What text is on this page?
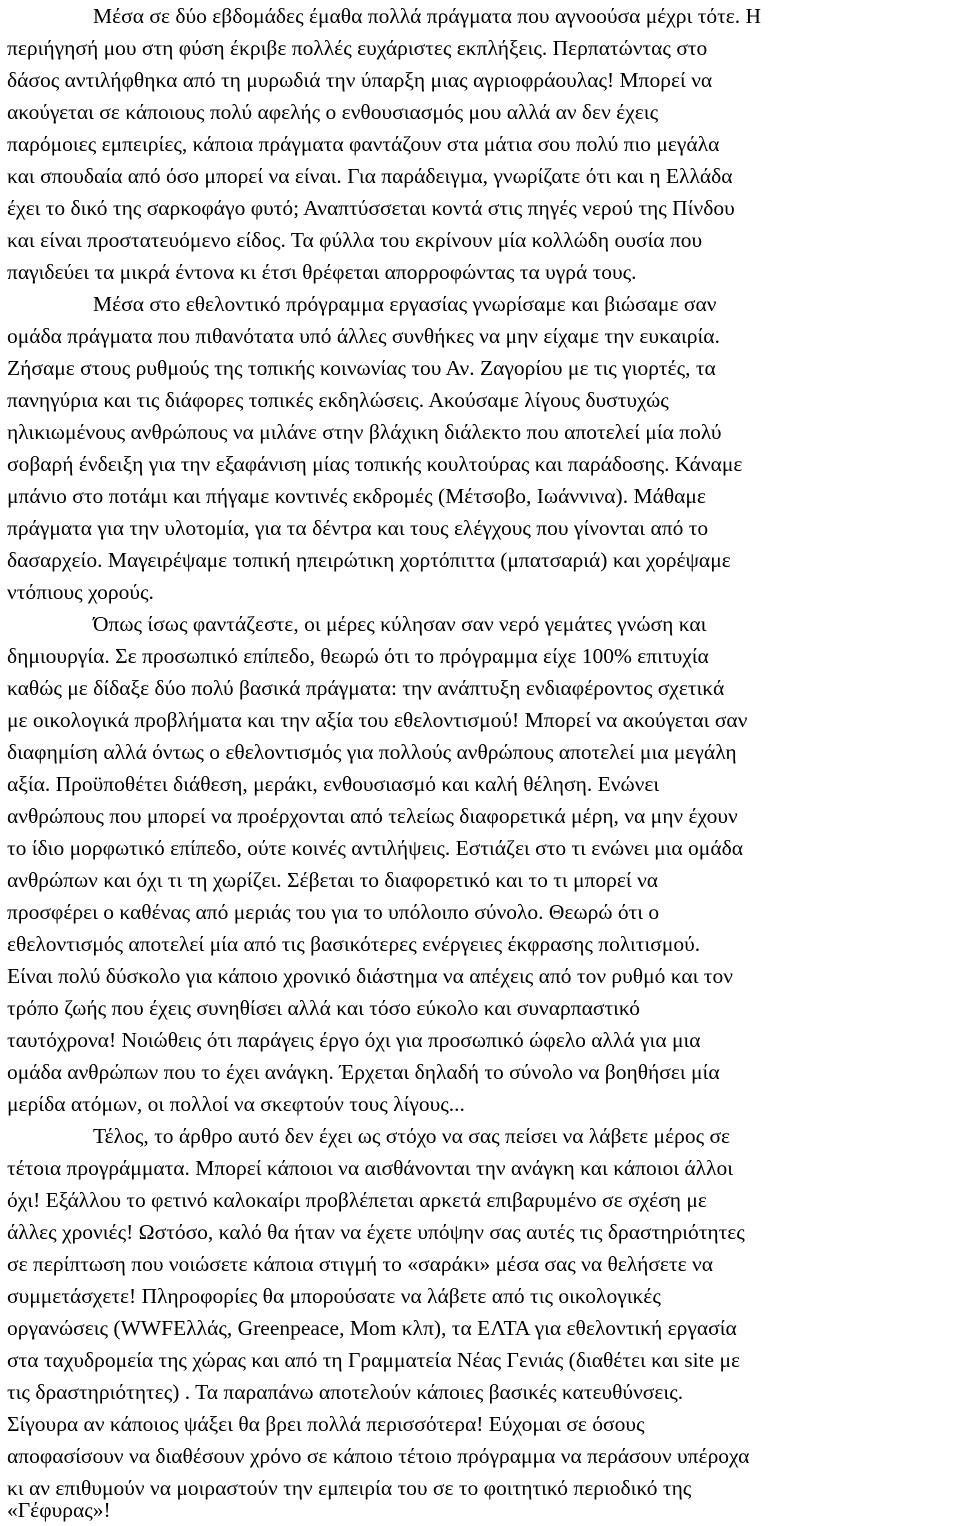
Μέσα σε δύο εβδομάδες έμαθα πολλά πράγματα που αγνοούσα μέχρι τότε. Η
περιήγησή μου στη φύση έκριβε πολλές ευχάριστες εκπλήξεις. Περπατώντας στο
δάσος αντιλήφθηκα από τη μυρωδιά την ύπαρξη μιας αγριοφράουλας! Μπορεί να
ακούγεται σε κάποιους πολύ αφελής ο ενθουσιασμός μου αλλά αν δεν έχεις
παρόμοιες εμπειρίες, κάποια πράγματα φαντάζουν στα μάτια σου πολύ πιο μεγάλα
και σπουδαία από όσο μπορεί να είναι. Για παράδειγμα, γνωρίζατε ότι και η Ελλάδα
έχει το δικό της σαρκοφάγο φυτό; Αναπτύσσεται κοντά στις πηγές νερού της Πίνδου
και είναι προστατευόμενο είδος. Τα φύλλα του εκρίνουν μία κολλώδη ουσία που
παγιδεύει τα μικρά έντονα κι έτσι θρέφεται απορροφώντας τα υγρά τους.
Μέσα στο εθελοντικό πρόγραμμα εργασίας γνωρίσαμε και βιώσαμε σαν
ομάδα πράγματα που πιθανότατα υπό άλλες συνθήκες να μην είχαμε την ευκαιρία.
Ζήσαμε στους ρυθμούς της τοπικής κοινωνίας του Αν. Ζαγορίου με τις γιορτές, τα
πανηγύρια και τις διάφορες τοπικές εκδηλώσεις. Ακούσαμε λίγους δυστυχώς
ηλικιωμένους ανθρώπους να μιλάνε στην βλάχικη διάλεκτο που αποτελεί μία πολύ
σοβαρή ένδειξη για την εξαφάνιση μίας τοπικής κουλτούρας και παράδοσης. Κάναμε
μπάνιο στο ποτάμι και πήγαμε κοντινές εκδρομές (Μέτσοβο, Ιωάννινα). Μάθαμε
πράγματα για την υλοτομία, για τα δέντρα και τους ελέγχους που γίνονται από το
δασαρχείο. Μαγειρέψαμε τοπική ηπειρώτικη χορτόπιττα (μπατσαριά) και χορέψαμε
ντόπιους χορούς.
Όπως ίσως φαντάζεστε, οι μέρες κύλησαν σαν νερό γεμάτες γνώση και
δημιουργία. Σε προσωπικό επίπεδο, θεωρώ ότι το πρόγραμμα είχε 100% επιτυχία
καθώς με δίδαξε δύο πολύ βασικά πράγματα: την ανάπτυξη ενδιαφέροντος σχετικά
με οικολογικά προβλήματα και την αξία του εθελοντισμού! Μπορεί να ακούγεται σαν
διαφημίση αλλά όντως ο εθελοντισμός για πολλούς ανθρώπους αποτελεί μια μεγάλη
αξία. Προϋποθέτει διάθεση, μεράκι, ενθουσιασμό και καλή θέληση. Ενώνει
ανθρώπους που μπορεί να προέρχονται από τελείως διαφορετικά μέρη, να μην έχουν
το ίδιο μορφωτικό επίπεδο, ούτε κοινές αντιλήψεις. Εστιάζει στο τι ενώνει μια ομάδα
ανθρώπων και όχι τι τη χωρίζει. Σέβεται το διαφορετικό και το τι μπορεί να
προσφέρει ο καθένας από μεριάς του για το υπόλοιπο σύνολο. Θεωρώ ότι ο
εθελοντισμός αποτελεί μία από τις βασικότερες ενέργειες έκφρασης πολιτισμού.
Είναι πολύ δύσκολο για κάποιο χρονικό διάστημα να απέχεις από τον ρυθμό και τον
τρόπο ζωής που έχεις συνηθίσει αλλά και τόσο εύκολο και συναρπαστικό
ταυτόχρονα! Νοιώθεις ότι παράγεις έργο όχι για προσωπικό ώφελο αλλά για μια
ομάδα ανθρώπων που το έχει ανάγκη. Έρχεται δηλαδή το σύνολο να βοηθήσει μία
μερίδα ατόμων, οι πολλοί να σκεφτούν τους λίγους...
Τέλος, το άρθρο αυτό δεν έχει ως στόχο να σας πείσει να λάβετε μέρος σε
τέτοια προγράμματα. Μπορεί κάποιοι να αισθάνονται την ανάγκη και κάποιοι άλλοι
όχι! Εξάλλου το φετινό καλοκαίρι προβλέπεται αρκετά επιβαρυμένο σε σχέση με
άλλες χρονιές! Ωστόσο, καλό θα ήταν να έχετε υπόψην σας αυτές τις δραστηριότητες
σε περίπτωση που νοιώσετε κάποια στιγμή το «σαράκι» μέσα σας να θελήσετε να
συμμετάσχετε! Πληροφορίες θα μπορούσατε να λάβετε από τις οικολογικές
οργανώσεις (WWFΕλλάς, Greenpeace, Mom κλπ), τα ΕΛΤΑ για εθελοντική εργασία
στα ταχυδρομεία της χώρας και από τη Γραμματεία Νέας Γενιάς (διαθέτει και site με
τις δραστηριότητες) . Τα παραπάνω αποτελούν κάποιες βασικές κατευθύνσεις.
Σίγουρα αν κάποιος ψάξει θα βρει πολλά περισσότερα! Εύχομαι σε όσους
αποφασίσουν να διαθέσουν χρόνο σε κάποιο τέτοιο πρόγραμμα να περάσουν υπέροχα
κι αν επιθυμούν να μοιραστούν την εμπειρία του σε το φοιτητικό περιοδικό της
«Γέφυρας»!
